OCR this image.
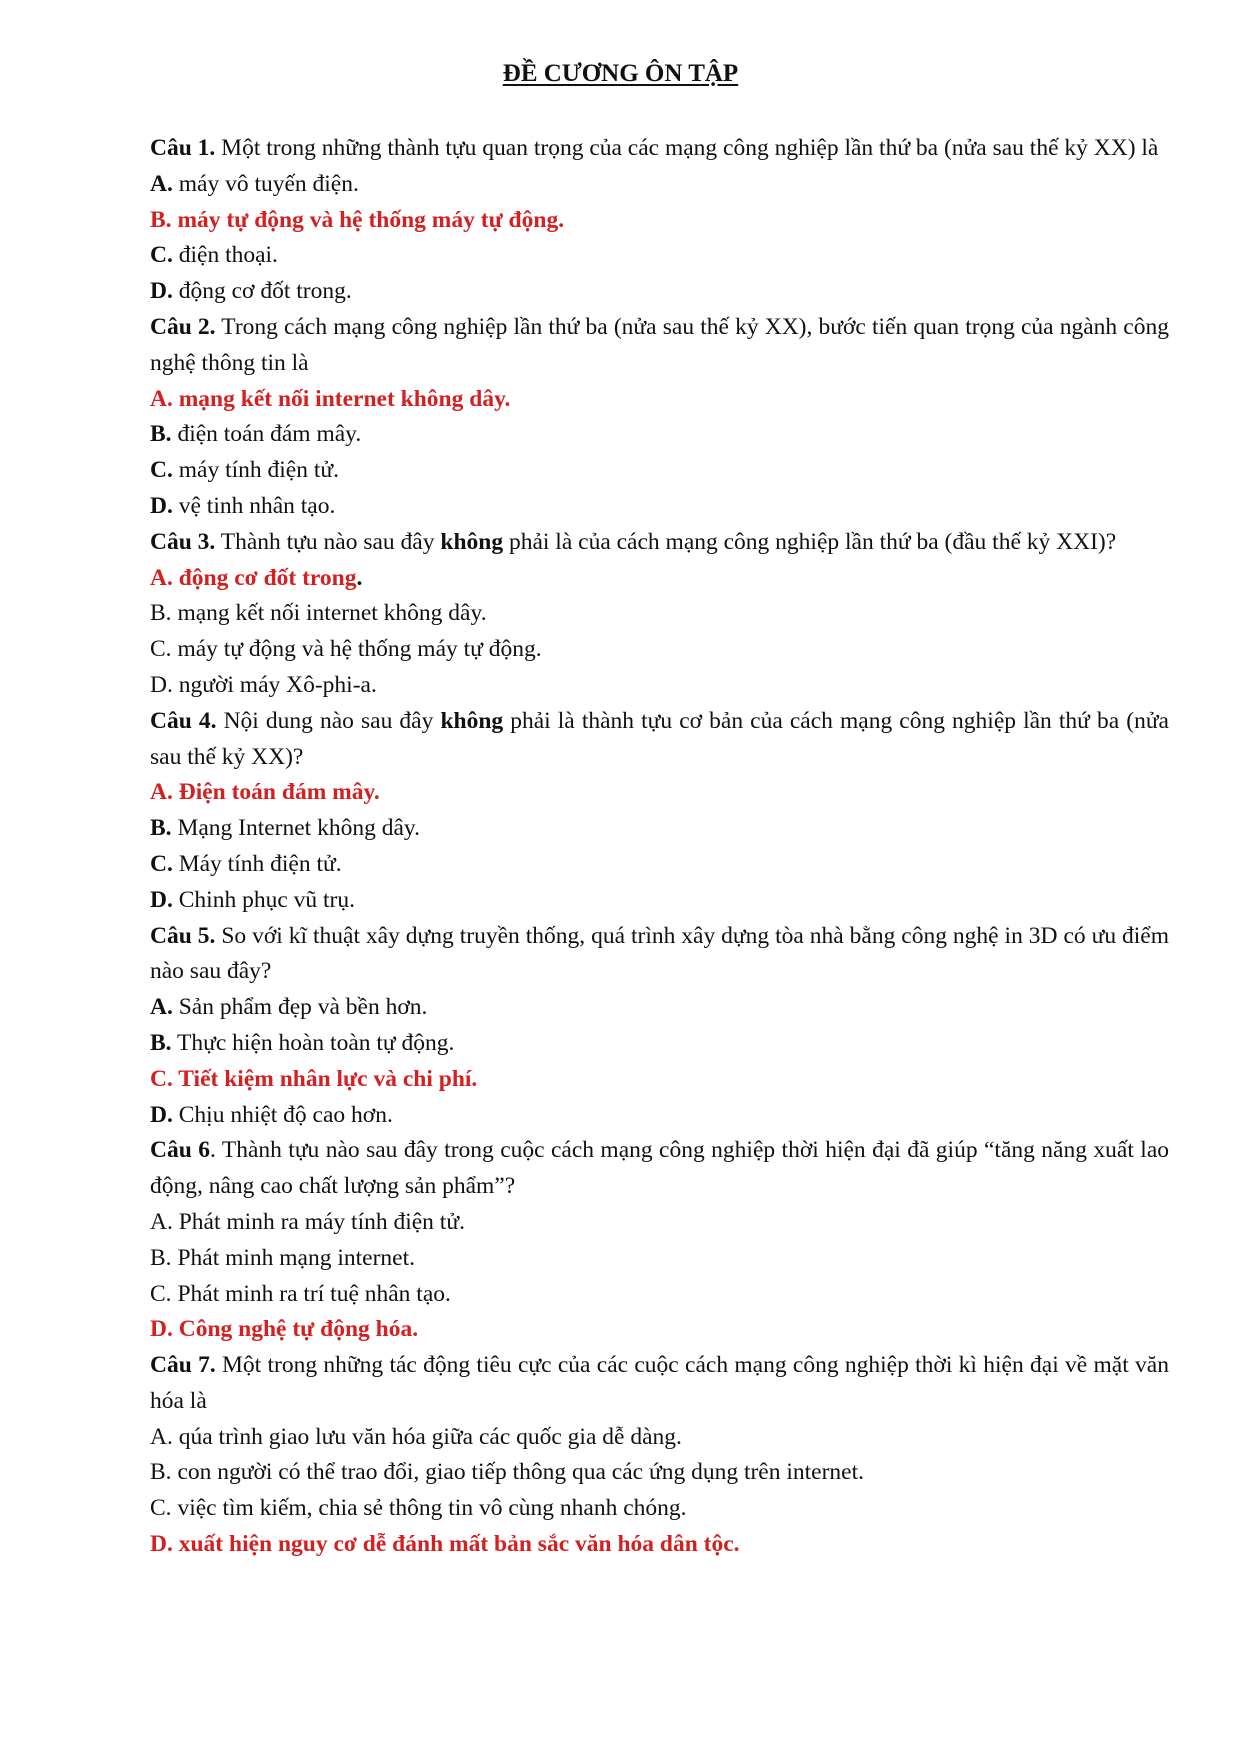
ĐỀ CƯƠNG ÔN TẬP

Câu 1. Một trong những thành tựu quan trọng của các mạng công nghiệp lần thứ ba (nửa sau thế kỷ XX) là

A. máy vô tuyến điện.

B. máy tự động và hệ thống máy tự động.

C. điện thoại.

D. động cơ đốt trong.

Câu 2. Trong cách mạng công nghiệp lần thứ ba (nửa sau thế kỷ XX), bước tiến quan trọng của ngành công nghệ thông tin là

A. mạng kết nối internet không dây.

B. điện toán đám mây.

C. máy tính điện tử.

D. vệ tinh nhân tạo.

Câu 3. Thành tựu nào sau đây không phải là của cách mạng công nghiệp lần thứ ba (đầu thế kỷ XXI)?

A. động cơ đốt trong.

B. mạng kết nối internet không dây.

C. máy tự động và hệ thống máy tự động.

D. người máy Xô-phi-a.

Câu 4. Nội dung nào sau đây không phải là thành tựu cơ bản của cách mạng công nghiệp lần thứ ba (nửa sau thế kỷ XX)?

A. Điện toán đám mây.

B. Mạng Internet không dây.

C. Máy tính điện tử.

D. Chinh phục vũ trụ.

Câu 5. So với kĩ thuật xây dựng truyền thống, quá trình xây dựng tòa nhà bằng công nghệ in 3D có ưu điểm nào sau đây?

A. Sản phẩm đẹp và bền hơn.

B. Thực hiện hoàn toàn tự động.

C. Tiết kiệm nhân lực và chi phí.

D. Chịu nhiệt độ cao hơn.

Câu 6. Thành tựu nào sau đây trong cuộc cách mạng công nghiệp thời hiện đại đã giúp “tăng năng xuất lao động, nâng cao chất lượng sản phẩm”?

A. Phát minh ra máy tính điện tử.

B. Phát minh mạng internet.

C. Phát minh ra trí tuệ nhân tạo.

D. Công nghệ tự động hóa.

Câu 7. Một trong những tác động tiêu cực của các cuộc cách mạng công nghiệp thời kì hiện đại về mặt văn hóa là

A. qúa trình giao lưu văn hóa giữa các quốc gia dễ dàng.

B. con người có thể trao đổi, giao tiếp thông qua các ứng dụng trên internet.

C. việc tìm kiếm, chia sẻ thông tin vô cùng nhanh chóng.

D. xuất hiện nguy cơ dễ đánh mất bản sắc văn hóa dân tộc.
